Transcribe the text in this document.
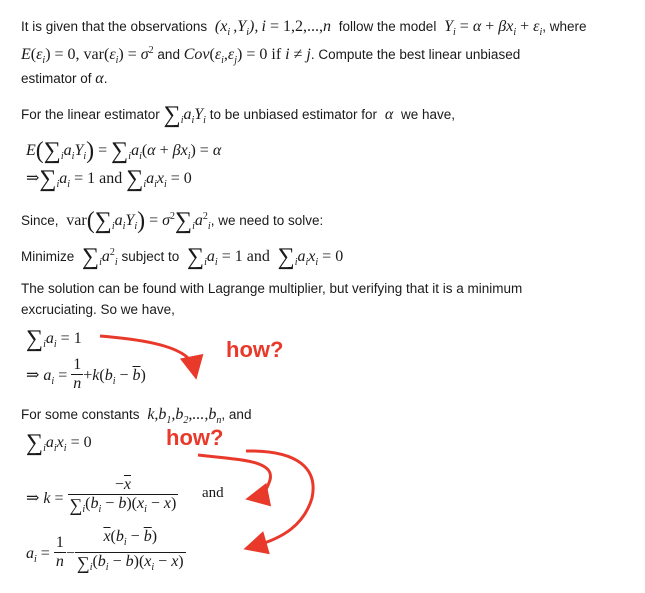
It is given that the observations  ($x_i$ $,Y_i$),  i = 1,2,...,n  follow the model  $Y_i = \alpha + \beta x_i + \varepsilon_i$, where
$E(\varepsilon_i) = 0$, $var(\varepsilon_i) = \sigma^2$ and $Cov(\varepsilon_i,\varepsilon_j) = 0$ if i ≠ j. Compute the best linear unbiased
estimator of α.
For the linear estimator $\sum_ia_iY_i$ to be unbiased estimator for  α  we have,
$E(\sum_ia_iY_i) = \sum_ia_i(\alpha + \beta x_i) = \alpha$
$\Rightarrow\sum_ia_i = 1$ and $\sum_ia_ix_i = 0$
Since, $var(\sum_ia_iY_i) = \sigma^2\sum_ia^2_i$, we need to solve:
Minimize $\sum_ia^2_i$ subject to $\sum_ia_i = 1$ and $\sum_ia_ix_i = 0$
The solution can be found with Lagrange multiplier, but verifying that it is a minimum
excruciating. So we have,
$\sum_ia_i = 1$
⇒ $a_i = \frac{1}{n} +k(b_i - \overline{b})$
For some constants  $k,b_1,b_2,...,b_n$, and
$\sum_ia_ix_i = 0$
⇒ $k = \frac{-\overline{x}}{\sum_i(b_i - \overline{b})(x_i - \overline{x})}$ and
$a_i = \frac{1}{n} - \frac{\overline{x}(b_i - \overline{b})}{\sum_i(b_i - \overline{b})(x_i - \overline{x})}$
how?
how?
